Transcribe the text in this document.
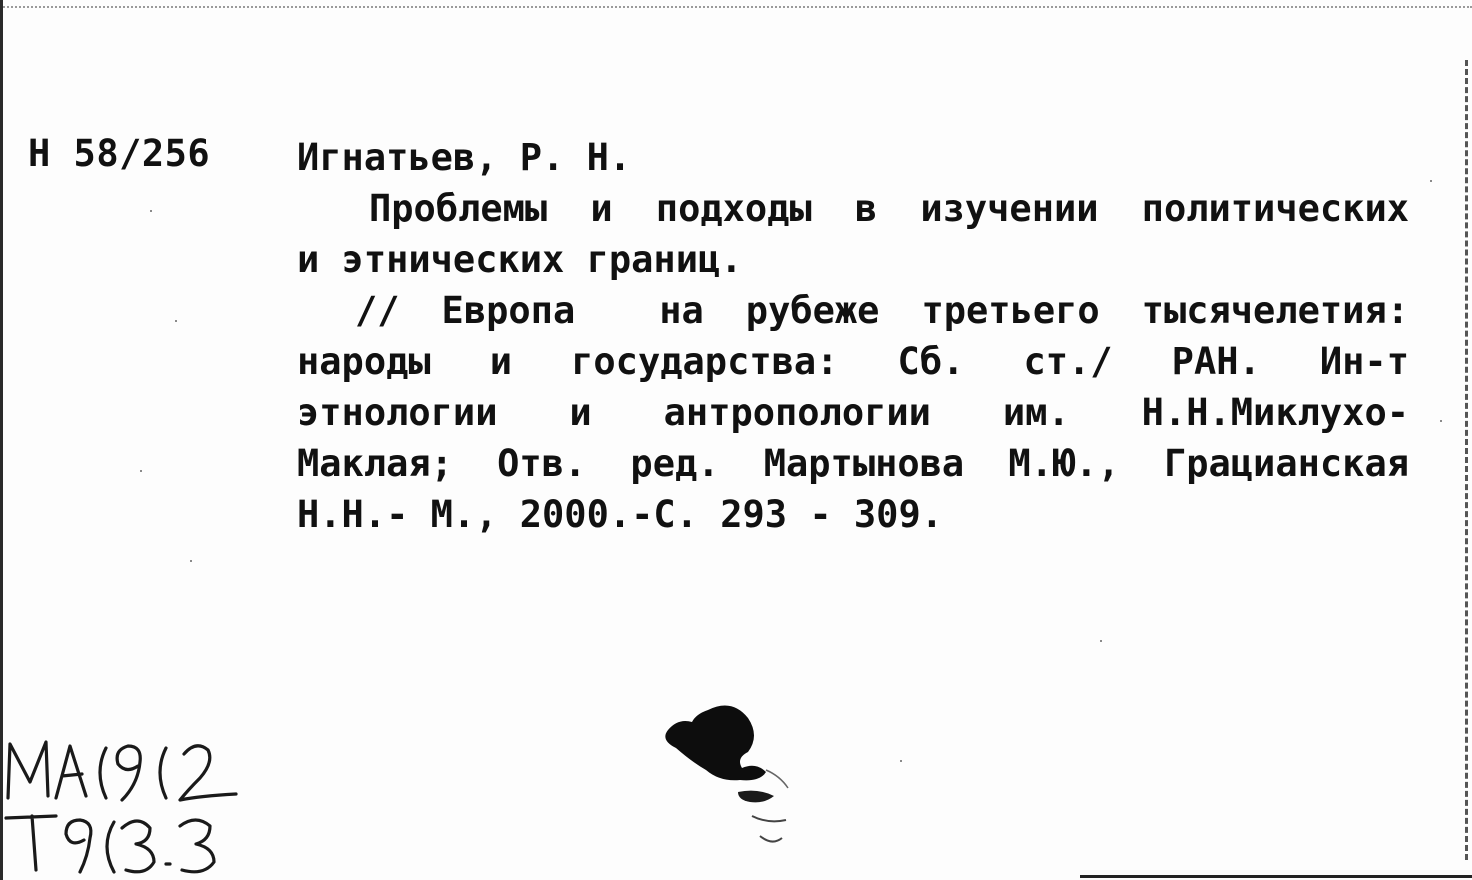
Н 58/256 Игнатьев, Р. Н.
Проблемы и подходы в изучении политических
и этнических границ.
// Европа  на рубеже третьего тысячелетия:
народы  и  государства:  Сб.  ст./  РАН.  Ин-т
этнологии  и  антропологии  им.  Н.Н.Миклухо-
Маклая; Отв. ред. Мартынова М.Ю., Грацианская
Н.Н.- М., 2000.-С. 293 - 309.
